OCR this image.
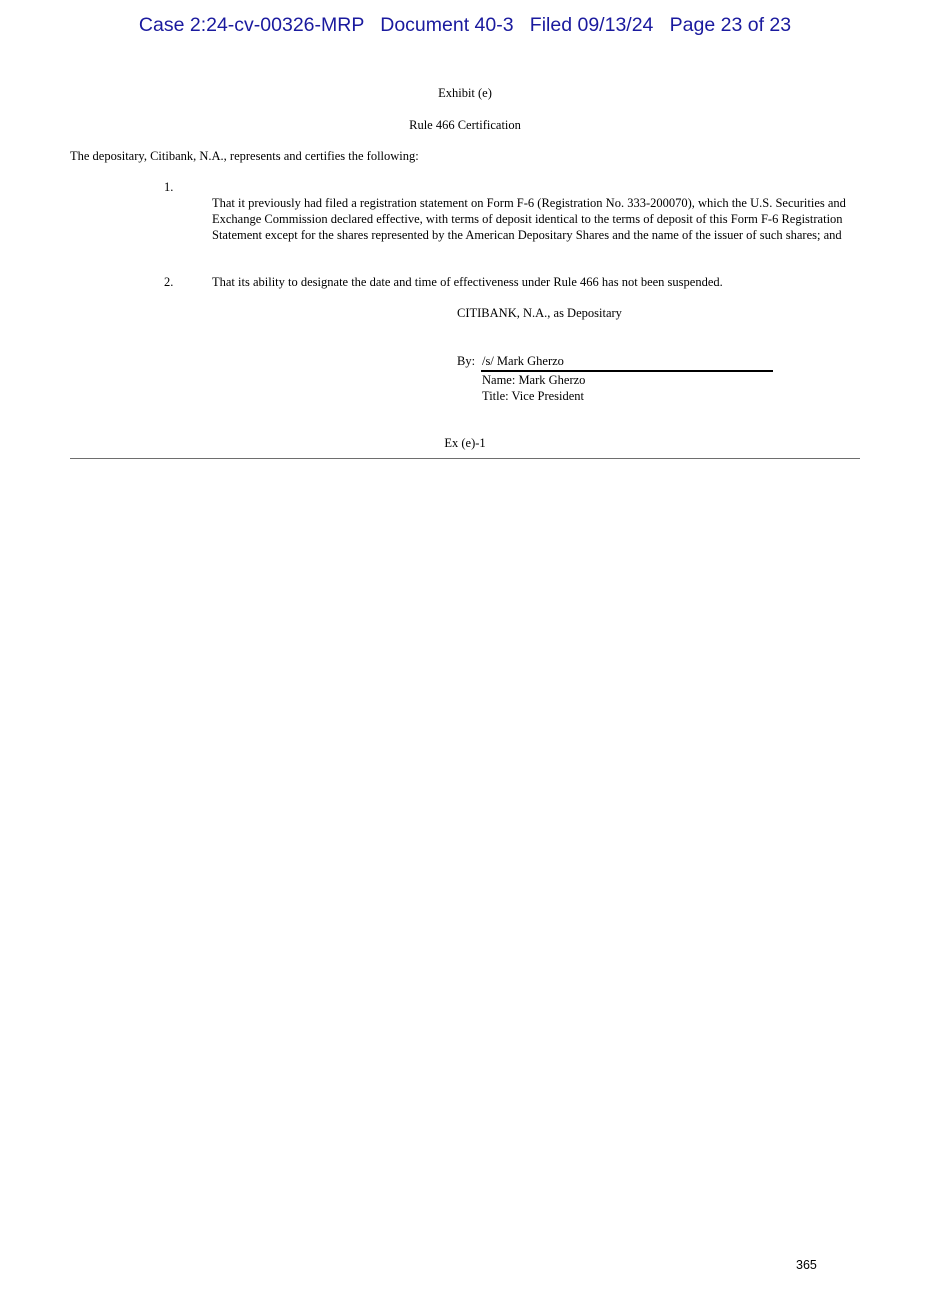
Case 2:24-cv-00326-MRP   Document 40-3   Filed 09/13/24   Page 23 of 23
Exhibit (e)
Rule 466 Certification
The depositary, Citibank, N.A., represents and certifies the following:
1.
That it previously had filed a registration statement on Form F-6 (Registration No. 333-200070), which the U.S. Securities and Exchange Commission declared effective, with terms of deposit identical to the terms of deposit of this Form F-6 Registration Statement except for the shares represented by the American Depositary Shares and the name of the issuer of such shares; and
2.	That its ability to designate the date and time of effectiveness under Rule 466 has not been suspended.
CITIBANK, N.A., as Depositary
By: /s/ Mark Gherzo
Name: Mark Gherzo
Title: Vice President
Ex (e)-1
365
